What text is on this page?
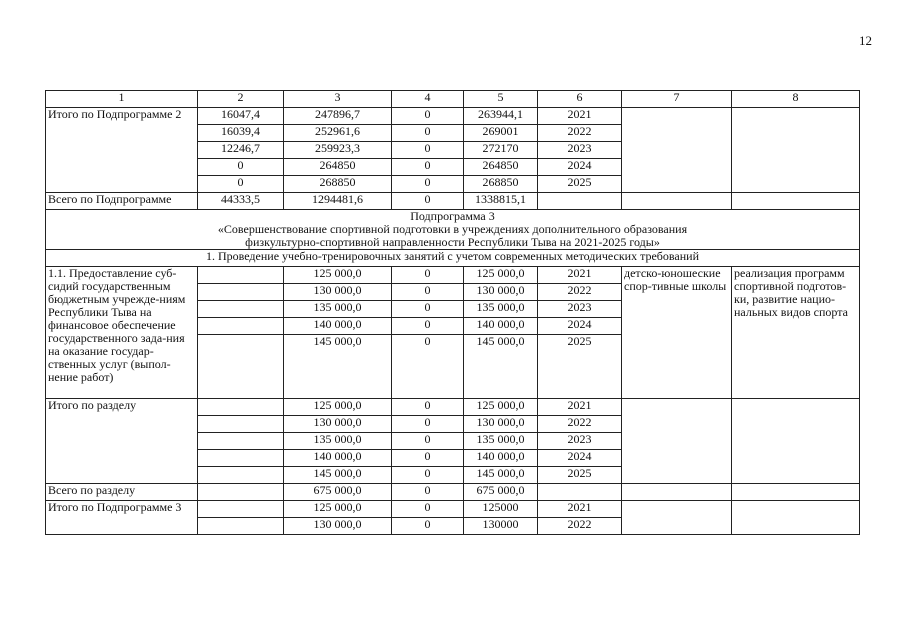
12
1	2	3	4	5	6	7	8
Итого по Подпрограмме 2	16047,4	247896,7	0	263944,1	2021		
	16039,4	252961,6	0	269001	2022		
	12246,7	259923,3	0	272170	2023		
	0	264850	0	264850	2024		
	0	268850	0	268850	2025		
Всего по Подпрограмме	44333,5	1294481,6	0	1338815,1			

Подпрограмма 3
«Совершенствование спортивной подготовки в учреждениях дополнительного образования
физкультурно-спортивной направленности Республики Тыва на 2021-2025 годы»							

1. Проведение учебно-тренировочных занятий с учетом современных методических требований							
1.1. Предоставление суб-сидий государственным бюджетным учрежде-ниям Республики Тыва на финансовое обеспечение государственного зада-ния на оказание государ-ственных услуг (выпол-нение работ)		125 000,0	0	125 000,0	2021	детско-юношеские спор-тивные школы	реализация программ спортивной подготов-ки, развитие нацио-нальных видов спорта
		130 000,0	0	130 000,0	2022		
		135 000,0	0	135 000,0	2023		
		140 000,0	0	140 000,0	2024		
		145 000,0	0	145 000,0	2025		
Итого по разделу		125 000,0	0	125 000,0	2021		
		130 000,0	0	130 000,0	2022		
		135 000,0	0	135 000,0	2023		
		140 000,0	0	140 000,0	2024		
		145 000,0	0	145 000,0	2025		
Всего по разделу		675 000,0	0	675 000,0			
Итого по Подпрограмме 3		125 000,0	0	125000	2021		
		130 000,0	0	130000	2022		
